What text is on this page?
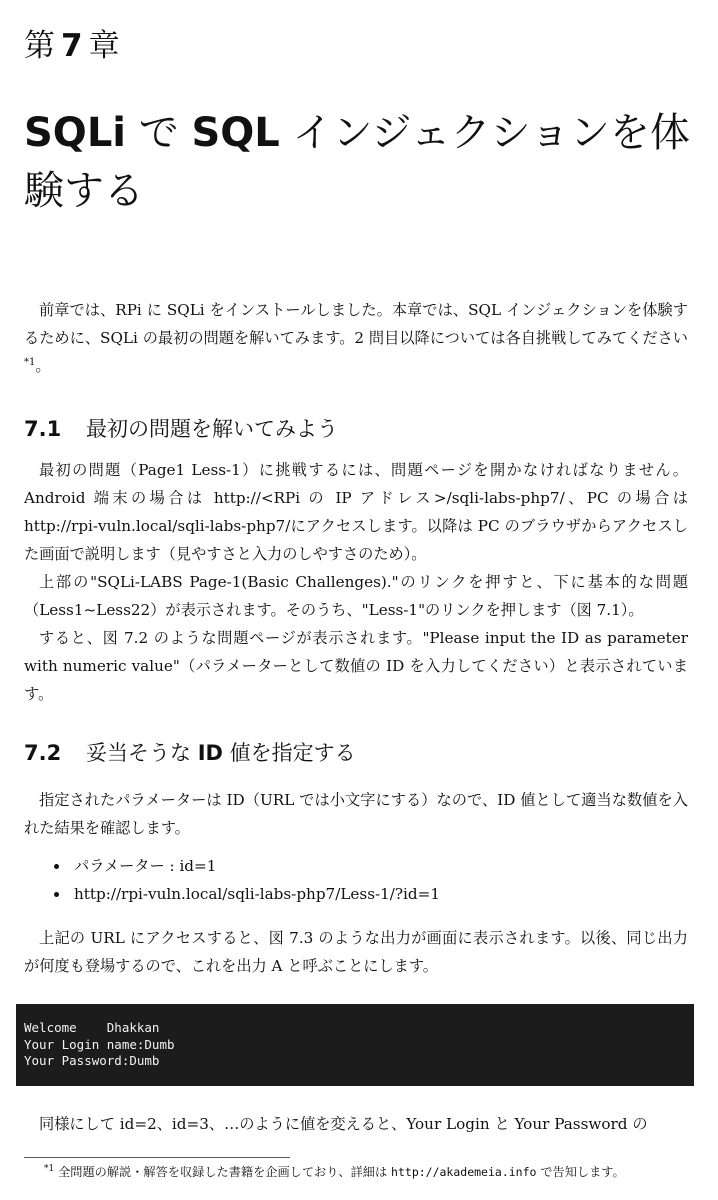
第 7 章
SQLi で SQL インジェクションを体験する

前章では、RPi に SQLi をインストールしました。本章では、SQL インジェクションを体験するために、SQLi の最初の問題を解いてみます。2 問目以降については各自挑戦してみてください$^{*1}$。

7.1 最初の問題を解いてみよう

最初の問題（Page1 Less-1）に挑戦するには、問題ページを開かなければなりません。Android 端末の場合は http://<RPi の IP アドレス>/sqli-labs-php7/、PC の場合は http://rpi-vuln.local/sqli-labs-php7/にアクセスします。以降は PC のブラウザからアクセスした画面で説明します（見やすさと入力のしやすさのため）。

上部の"SQLi-LABS Page-1(Basic Challenges)."のリンクを押すと、下に基本的な問題（Less1~Less22）が表示されます。そのうち、"Less-1"のリンクを押します（図 7.1）。

すると、図 7.2 のような問題ページが表示されます。"Please input the ID as parameter with numeric value"（パラメーターとして数値の ID を入力してください）と表示されています。

7.2 妥当そうな ID 値を指定する

指定されたパラメーターは ID（URL では小文字にする）なので、ID 値として適当な数値を入れた結果を確認します。

パラメーター : id=1
http://rpi-vuln.local/sqli-labs-php7/Less-1/?id=1

上記の URL にアクセスすると、図 7.3 のような出力が画面に表示されます。以後、同じ出力が何度も登場するので、これを出力 A と呼ぶことにします。

Welcome    Dhakkan
Your Login name:Dumb
Your Password:Dumb

同様にして id=2、id=3、…のように値を変えると、Your Login と Your Password の

$^{*1}$ 全問題の解説・解答を収録した書籍を企画しており、詳細は http://akademeia.info で告知します。
